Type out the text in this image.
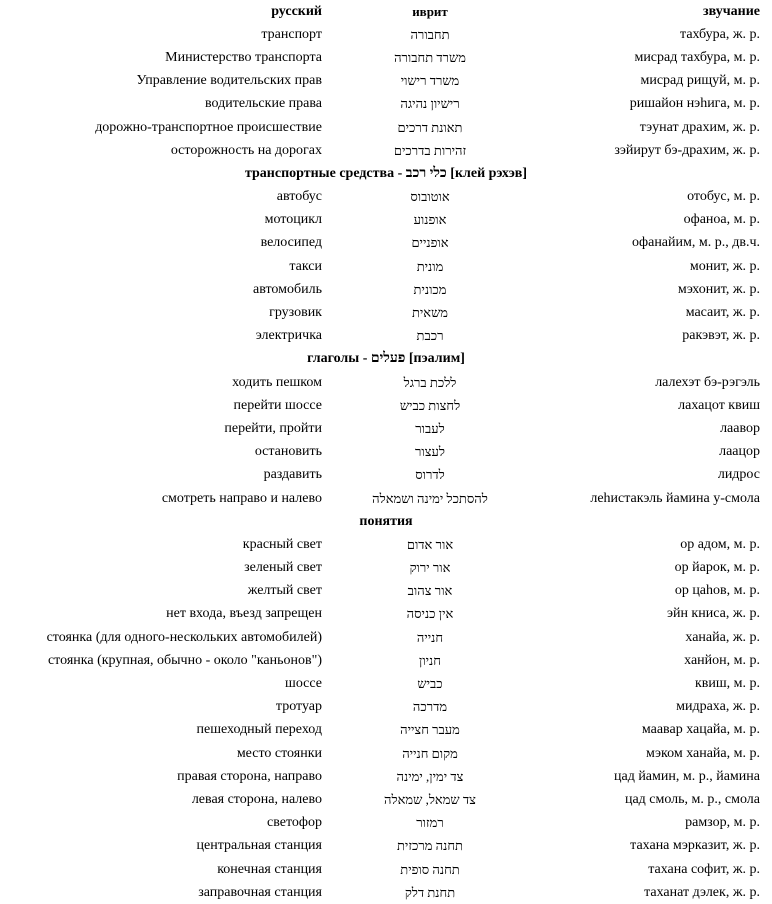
русский	иврит	звучание
транспорт	תחבורה	тахбура, ж. р.
Министерство транспорта	משרד תחבורה	мисрад тахбура, м. р.
Управление водительских прав	משרד רישוי	мисрад рищуй, м. р.
водительские права	רישיון נהיגה	ришайон нэhига, м. р.
дорожно-транспортное происшествие	תאונת דרכים	тэунат драхим, ж. р.
осторожность на дорогах	זהירות בדרכים	зэйирут бэ-драхим, ж. р.
транспортные средства - כלי רכב [клей рэхэв]		
автобус	אוטובוס	отобус, м. р.
мотоцикл	אופנוע	офаноа, м. р.
велосипед	אופניים	офанайим, м. р., дв.ч.
такси	מונית	монит, ж. р.
автомобиль	מכונית	мэхонит, ж. р.
грузовик	משאית	масаит, ж. р.
электричка	רכבת	ракэвэт, ж. р.
глаголы - פעלים [пэалим]		
ходить пешком	ללכת ברגל	лалехэт бэ-рэгэль
перейти шоссе	לחצות כביש	лахацот квиш
перейти, пройти	לעבור	лаавор
остановить	לעצור	лаацор
раздавить	לדרוס	лидрос
смотреть направо и налево	להסתכל ימינה ושמאלה	леhистакэль йамина у-смола
понятия		
красный свет	אור אדום	ор адом, м. р.
зеленый свет	אור ירוק	ор йарок, м. р.
желтый свет	אור צהוב	ор цаhов, м. р.
нет входа, въезд запрещен	אין כניסה	эйн книса, ж. р.
стоянка (для одного-нескольких автомобилей)	חנייה	ханайа, ж. р.
стоянка (крупная, обычно - около "каньонов")	חניון	ханйон, м. р.
шоссе	כביש	квиш, м. р.
тротуар	מדרכה	мидраха, ж. р.
пешеходный переход	מעבר חצייה	маавар хацайа, м. р.
место стоянки	מקום חנייה	мэком ханайа, м. р.
правая сторона, направо	צד ימין, ימינה	цад йамин, м. р., йамина
левая сторона, налево	צד שמאל, שמאלה	цад смоль, м. р., смола
светофор	רמזור	рамзор, м. р.
центральная станция	תחנה מרכזית	тахана мэрказит, ж. р.
конечная станция	תחנה סופית	тахана софит, ж. р.
заправочная станция	תחנת דלק	таханат дэлек, ж. р.
